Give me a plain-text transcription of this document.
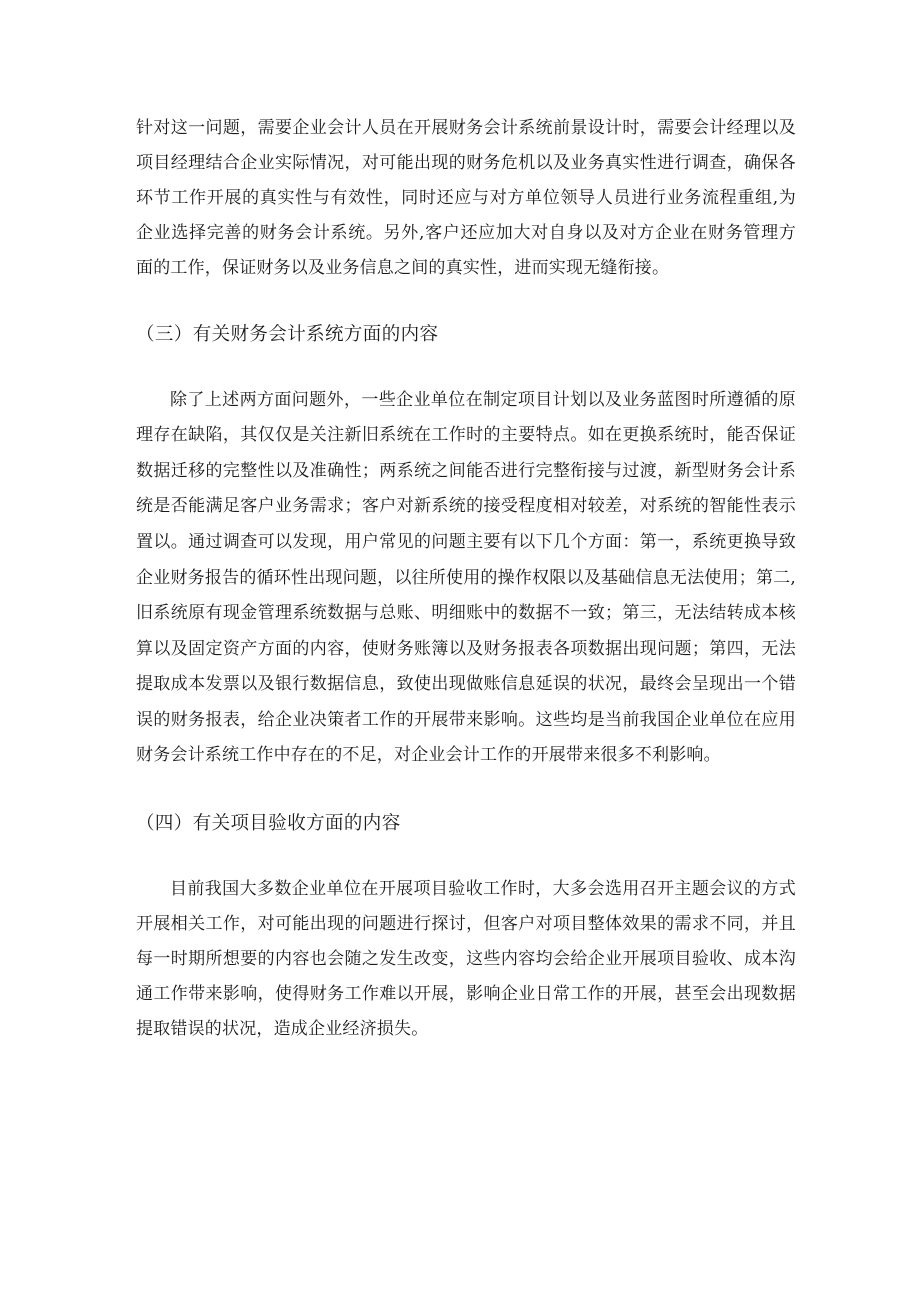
针对这一问题，需要企业会计人员在开展财务会计系统前景设计时，需要会计经理以及
项目经理结合企业实际情况，对可能出现的财务危机以及业务真实性进行调查，确保各
环节工作开展的真实性与有效性，同时还应与对方单位领导人员进行业务流程重组,为
企业选择完善的财务会计系统。另外,客户还应加大对自身以及对方企业在财务管理方
面的工作，保证财务以及业务信息之间的真实性，进而实现无缝衔接。
（三）有关财务会计系统方面的内容
除了上述两方面问题外，一些企业单位在制定项目计划以及业务蓝图时所遵循的原
理存在缺陷，其仅仅是关注新旧系统在工作时的主要特点。如在更换系统时，能否保证
数据迁移的完整性以及准确性；两系统之间能否进行完整衔接与过渡，新型财务会计系
统是否能满足客户业务需求；客户对新系统的接受程度相对较差，对系统的智能性表示
置以。通过调查可以发现，用户常见的问题主要有以下几个方面：第一，系统更换导致
企业财务报告的循环性出现问题，以往所使用的操作权限以及基础信息无法使用；第二,
旧系统原有现金管理系统数据与总账、明细账中的数据不一致；第三，无法结转成本核
算以及固定资产方面的内容，使财务账簿以及财务报表各项数据出现问题；第四，无法
提取成本发票以及银行数据信息，致使出现做账信息延误的状况，最终会呈现出一个错
误的财务报表，给企业决策者工作的开展带来影响。这些均是当前我国企业单位在应用
财务会计系统工作中存在的不足，对企业会计工作的开展带来很多不利影响。
（四）有关项目验收方面的内容
目前我国大多数企业单位在开展项目验收工作时，大多会选用召开主题会议的方式
开展相关工作，对可能出现的问题进行探讨，但客户对项目整体效果的需求不同，并且
每一时期所想要的内容也会随之发生改变，这些内容均会给企业开展项目验收、成本沟
通工作带来影响，使得财务工作难以开展，影响企业日常工作的开展，甚至会出现数据
提取错误的状况，造成企业经济损失。
